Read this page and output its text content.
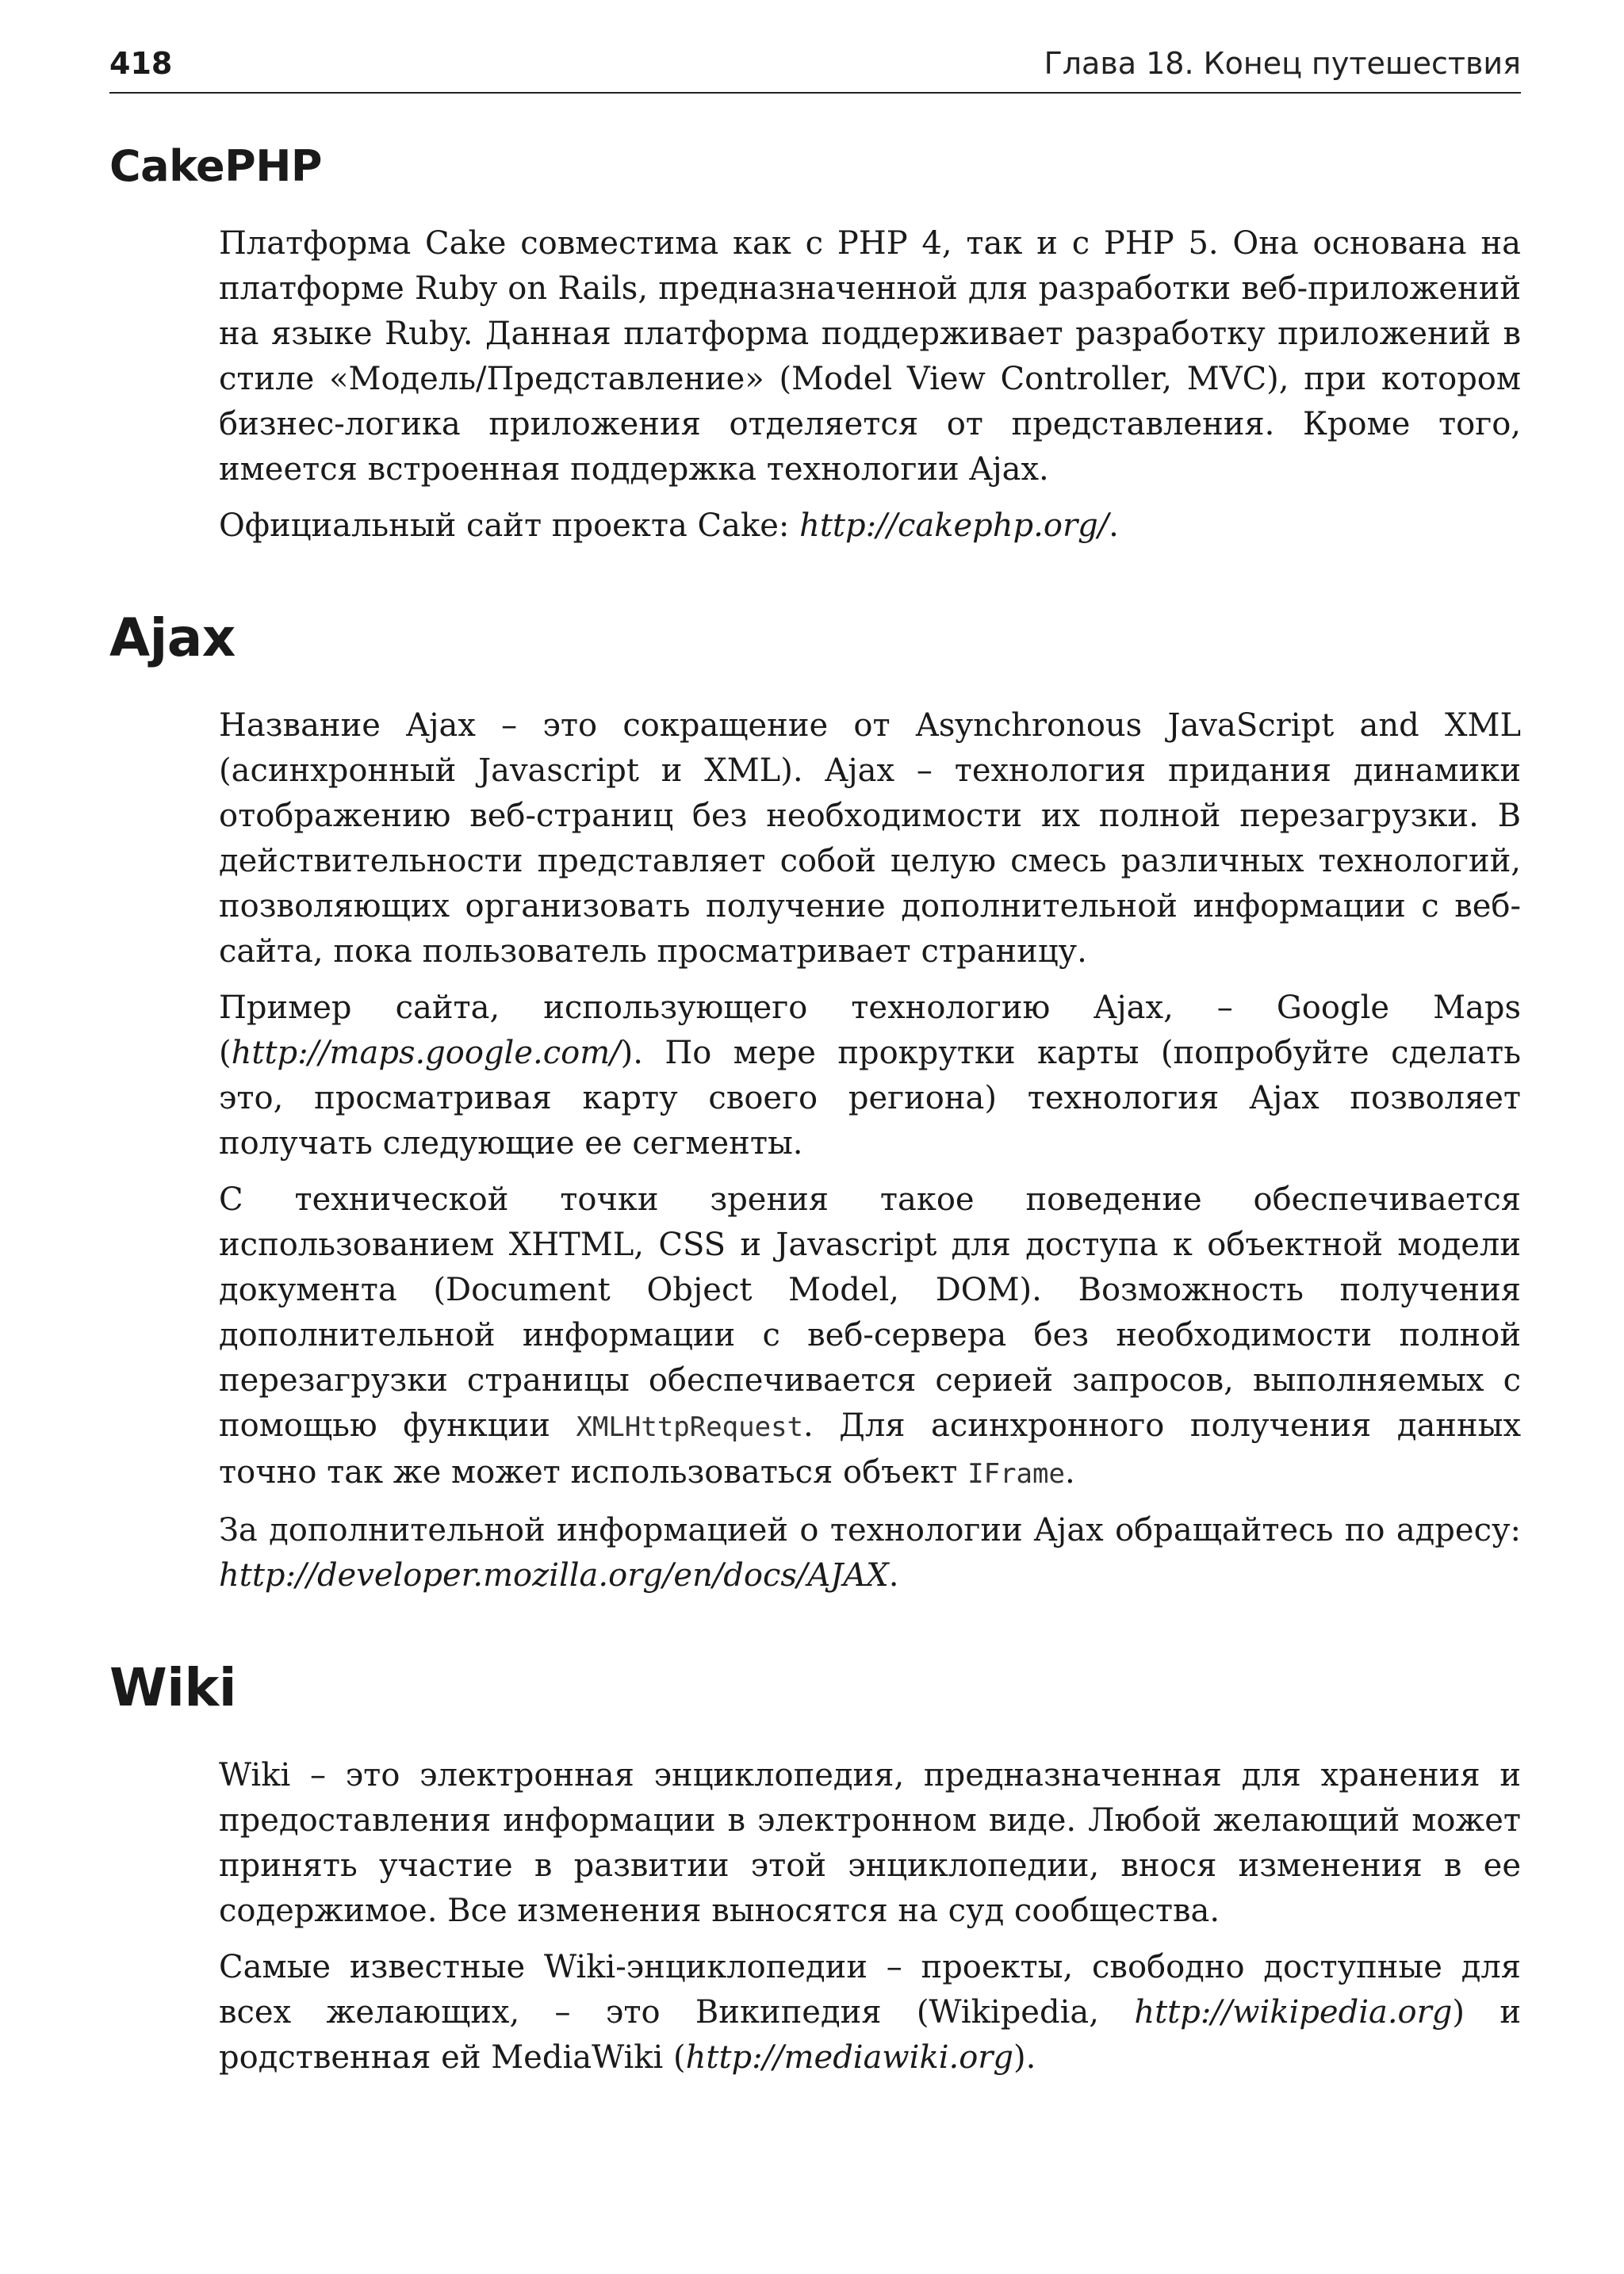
418	Глава 18. Конец путешествия
CakePHP

Платформа Cake совместима как с PHP 4, так и с PHP 5. Она основана на платформе Ruby on Rails, предназначенной для разработки веб-приложений на языке Ruby. Данная платформа поддерживает разработку приложений в стиле «Модель/Представление» (Model View Controller, MVC), при котором бизнес-логика приложения отделяется от представления. Кроме того, имеется встроенная поддержка технологии Ajax.

Официальный сайт проекта Cake: http://cakephp.org/.

Ajax

Название Ajax – это сокращение от Asynchronous JavaScript and XML (асинхронный Javascript и XML). Ajax – технология придания динамики отображению веб-страниц без необходимости их полной перезагрузки. В действительности представляет собой целую смесь различных технологий, позволяющих организовать получение дополнительной информации с веб-сайта, пока пользователь просматривает страницу.

Пример сайта, использующего технологию Ajax, – Google Maps (http://maps.google.com/). По мере прокрутки карты (попробуйте сделать это, просматривая карту своего региона) технология Ajax позволяет получать следующие ее сегменты.

С технической точки зрения такое поведение обеспечивается использованием XHTML, CSS и Javascript для доступа к объектной модели документа (Document Object Model, DOM). Возможность получения дополнительной информации с веб-сервера без необходимости полной перезагрузки страницы обеспечивается серией запросов, выполняемых с помощью функции XMLHttpRequest. Для асинхронного получения данных точно так же может использоваться объект IFrame.

За дополнительной информацией о технологии Ajax обращайтесь по адресу: http://developer.mozilla.org/en/docs/AJAX.

Wiki

Wiki – это электронная энциклопедия, предназначенная для хранения и предоставления информации в электронном виде. Любой желающий может принять участие в развитии этой энциклопедии, внося изменения в ее содержимое. Все изменения выносятся на суд сообщества.

Самые известные Wiki-энциклопедии – проекты, свободно доступные для всех желающих, – это Википедия (Wikipedia, http://wikipedia.org) и родственная ей MediaWiki (http://mediawiki.org).
